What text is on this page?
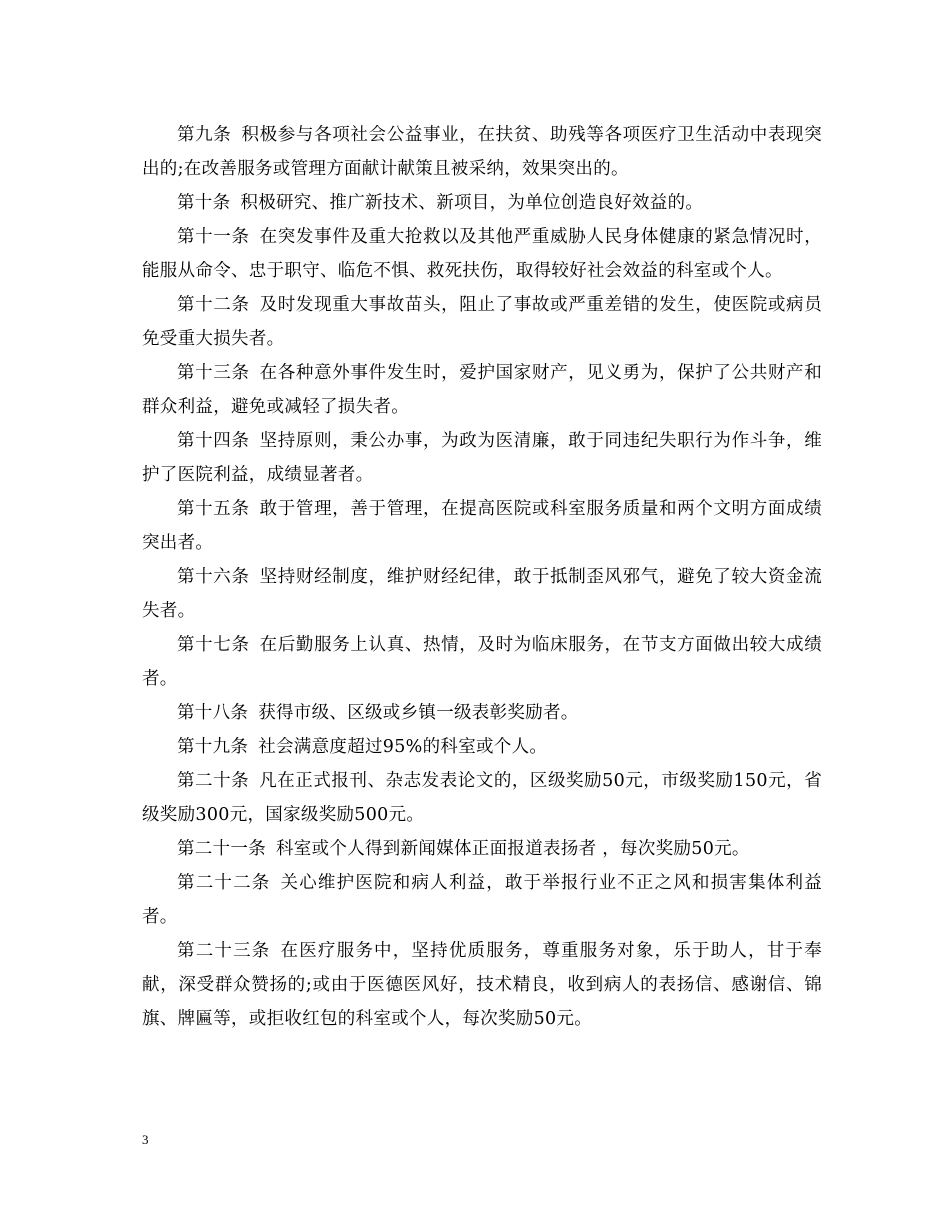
第九条 积极参与各项社会公益事业，在扶贫、助残等各项医疗卫生活动中表现突出的;在改善服务或管理方面献计献策且被采纳，效果突出的。

第十条 积极研究、推广新技术、新项目，为单位创造良好效益的。

第十一条 在突发事件及重大抢救以及其他严重威胁人民身体健康的紧急情况时，能服从命令、忠于职守、临危不惧、救死扶伤，取得较好社会效益的科室或个人。

第十二条 及时发现重大事故苗头，阻止了事故或严重差错的发生，使医院或病员免受重大损失者。

第十三条 在各种意外事件发生时，爱护国家财产，见义勇为，保护了公共财产和群众利益，避免或减轻了损失者。

第十四条 坚持原则，秉公办事，为政为医清廉，敢于同违纪失职行为作斗争，维护了医院利益，成绩显著者。

第十五条 敢于管理，善于管理，在提高医院或科室服务质量和两个文明方面成绩突出者。

第十六条 坚持财经制度，维护财经纪律，敢于抵制歪风邪气，避免了较大资金流失者。

第十七条 在后勤服务上认真、热情，及时为临床服务，在节支方面做出较大成绩者。

第十八条 获得市级、区级或乡镇一级表彰奖励者。

第十九条 社会满意度超过95%的科室或个人。

第二十条 凡在正式报刊、杂志发表论文的，区级奖励50元，市级奖励150元，省级奖励300元，国家级奖励500元。

第二十一条 科室或个人得到新闻媒体正面报道表扬者 ，每次奖励50元。

第二十二条 关心维护医院和病人利益，敢于举报行业不正之风和损害集体利益者。

第二十三条 在医疗服务中，坚持优质服务，尊重服务对象，乐于助人，甘于奉献，深受群众赞扬的;或由于医德医风好，技术精良，收到病人的表扬信、感谢信、锦旗、牌匾等，或拒收红包的科室或个人，每次奖励50元。

3
